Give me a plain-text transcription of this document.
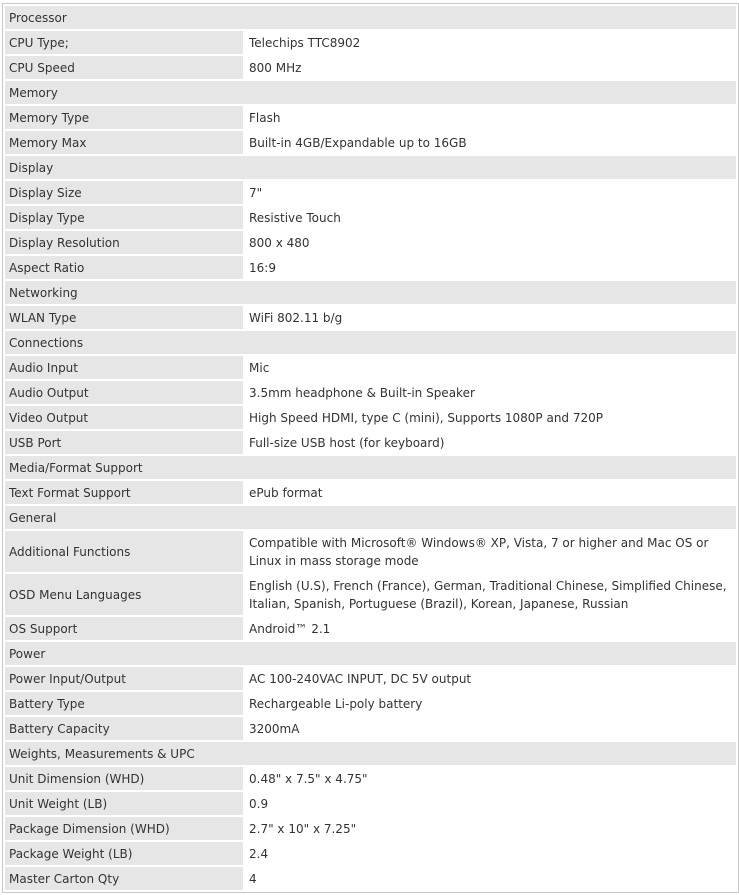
Processor	
CPU Type;	Telechips TTC8902
CPU Speed	800 MHz
Memory	
Memory Type	Flash
Memory Max	Built-in 4GB/Expandable up to 16GB
Display	
Display Size	7"
Display Type	Resistive Touch
Display Resolution	800 x 480
Aspect Ratio	16:9
Networking	
WLAN Type	WiFi 802.11 b/g
Connections	
Audio Input	Mic
Audio Output	3.5mm headphone & Built-in Speaker
Video Output	High Speed HDMI, type C (mini), Supports 1080P and 720P
USB Port	Full-size USB host (for keyboard)
Media/Format Support	
Text Format Support	ePub format
General	
Additional Functions	Compatible with Microsoft® Windows® XP, Vista, 7 or higher and Mac OS or Linux in mass storage mode
OSD Menu Languages	English (U.S), French (France), German, Traditional Chinese, Simplified Chinese, Italian, Spanish, Portuguese (Brazil), Korean, Japanese, Russian
OS Support	Android™ 2.1
Power	
Power Input/Output	AC 100-240VAC INPUT, DC 5V output
Battery Type	Rechargeable Li-poly battery
Battery Capacity	3200mA
Weights, Measurements & UPC	
Unit Dimension (WHD)	0.48" x 7.5" x 4.75"
Unit Weight (LB)	0.9
Package Dimension (WHD)	2.7" x 10" x 7.25"
Package Weight (LB)	2.4
Master Carton Qty	4
